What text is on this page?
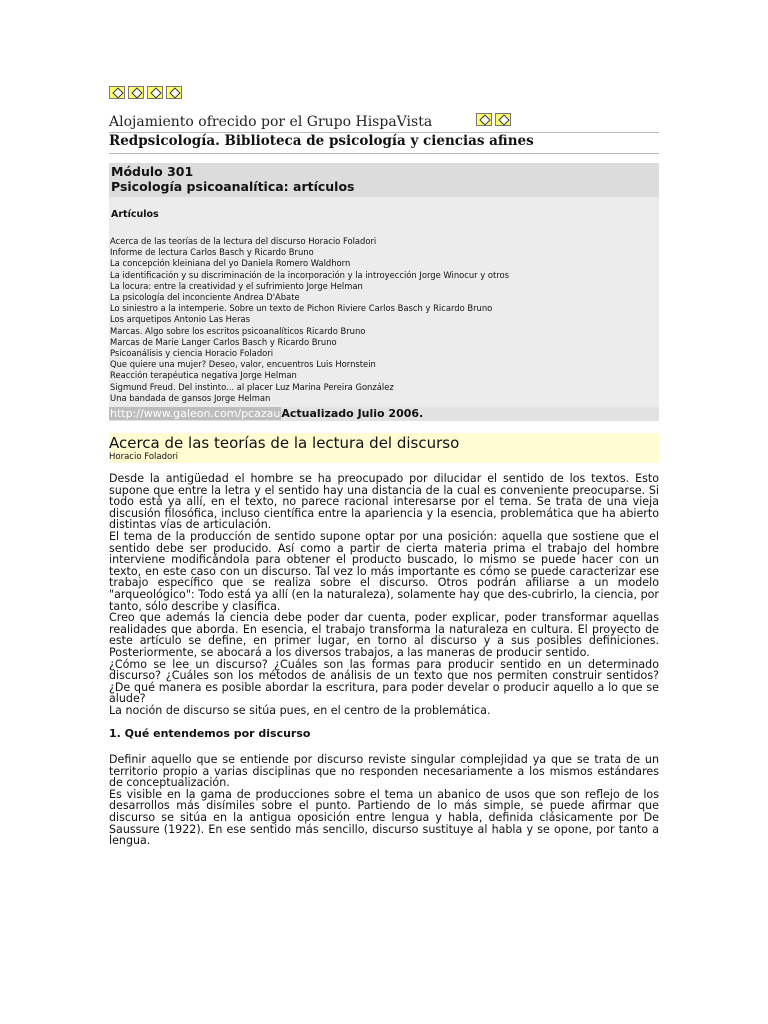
Alojamiento ofrecido por el Grupo HispaVista
Redpsicología. Biblioteca de psicología y ciencias afines
Módulo 301
Psicología psicoanalítica: artículos
Artículos
Acerca de las teorías de la lectura del discurso Horacio Foladori
Informe de lectura Carlos Basch y Ricardo Bruno
La concepción kleiniana del yo Daniela Romero Waldhorn
La identificación y su discriminación de la incorporación y la introyección Jorge Winocur y otros
La locura: entre la creatividad y el sufrimiento Jorge Helman
La psicología del inconciente Andrea D'Abate
Lo siniestro a la intemperie. Sobre un texto de Pichon Riviere Carlos Basch y Ricardo Bruno
Los arquetipos Antonio Las Heras
Marcas. Algo sobre los escritos psicoanalíticos Ricardo Bruno
Marcas de Marie Langer Carlos Basch y Ricardo Bruno
Psicoanálisis y ciencia Horacio Foladori
Que quiere una mujer? Deseo, valor, encuentros Luis Hornstein
Reacción terapéutica negativa Jorge Helman
Sigmund Freud. Del instinto... al placer Luz Marina Pereira González
Una bandada de gansos Jorge Helman
http://www.galeon.com/pcazauActualizado Julio 2006.
Acerca de las teorías de la lectura del discurso
Horacio Foladori

Desde la antigüedad el hombre se ha preocupado por dilucidar el sentido de los textos. Esto supone que entre la letra y el sentido hay una distancia de la cual es conveniente preocuparse. Si todo está ya allí, en el texto, no parece racional interesarse por el tema. Se trata de una vieja discusión filosófica, incluso científica entre la apariencia y la esencia, problemática que ha abierto distintas vías de articulación.

El tema de la producción de sentido supone optar por una posición: aquella que sostiene que el sentido debe ser producido. Así como a partir de cierta materia prima el trabajo del hombre interviene modificándola para obtener el producto buscado, lo mismo se puede hacer con un texto, en este caso con un discurso. Tal vez lo más importante es cómo se puede caracterizar ese trabajo específico que se realiza sobre el discurso. Otros podrán afiliarse a un modelo "arqueológico": Todo está ya allí (en la naturaleza), solamente hay que des-cubrirlo, la ciencia, por tanto, sólo describe y clasifica.

Creo que además la ciencia debe poder dar cuenta, poder explicar, poder transformar aquellas realidades que aborda. En esencia, el trabajo transforma la naturaleza en cultura. El proyecto de este artículo se define, en primer lugar, en torno al discurso y a sus posibles definiciones. Posteriormente, se abocará a los diversos trabajos, a las maneras de producir sentido.

¿Cómo se lee un discurso? ¿Cuáles son las formas para producir sentido en un determinado discurso? ¿Cuáles son los métodos de análisis de un texto que nos permiten construir sentidos? ¿De qué manera es posible abordar la escritura, para poder develar o producir aquello a lo que se alude?

La noción de discurso se sitúa pues, en el centro de la problemática.

1. Qué entendemos por discurso

Definir aquello que se entiende por discurso reviste singular complejidad ya que se trata de un territorio propio a varias disciplinas que no responden necesariamente a los mismos estándares de conceptualización.

Es visible en la gama de producciones sobre el tema un abanico de usos que son reflejo de los desarrollos más disímiles sobre el punto. Partiendo de lo más simple, se puede afirmar que discurso se sitúa en la antigua oposición entre lengua y habla, definida clásicamente por De Saussure (1922). En ese sentido más sencillo, discurso sustituye al habla y se opone, por tanto a lengua.
